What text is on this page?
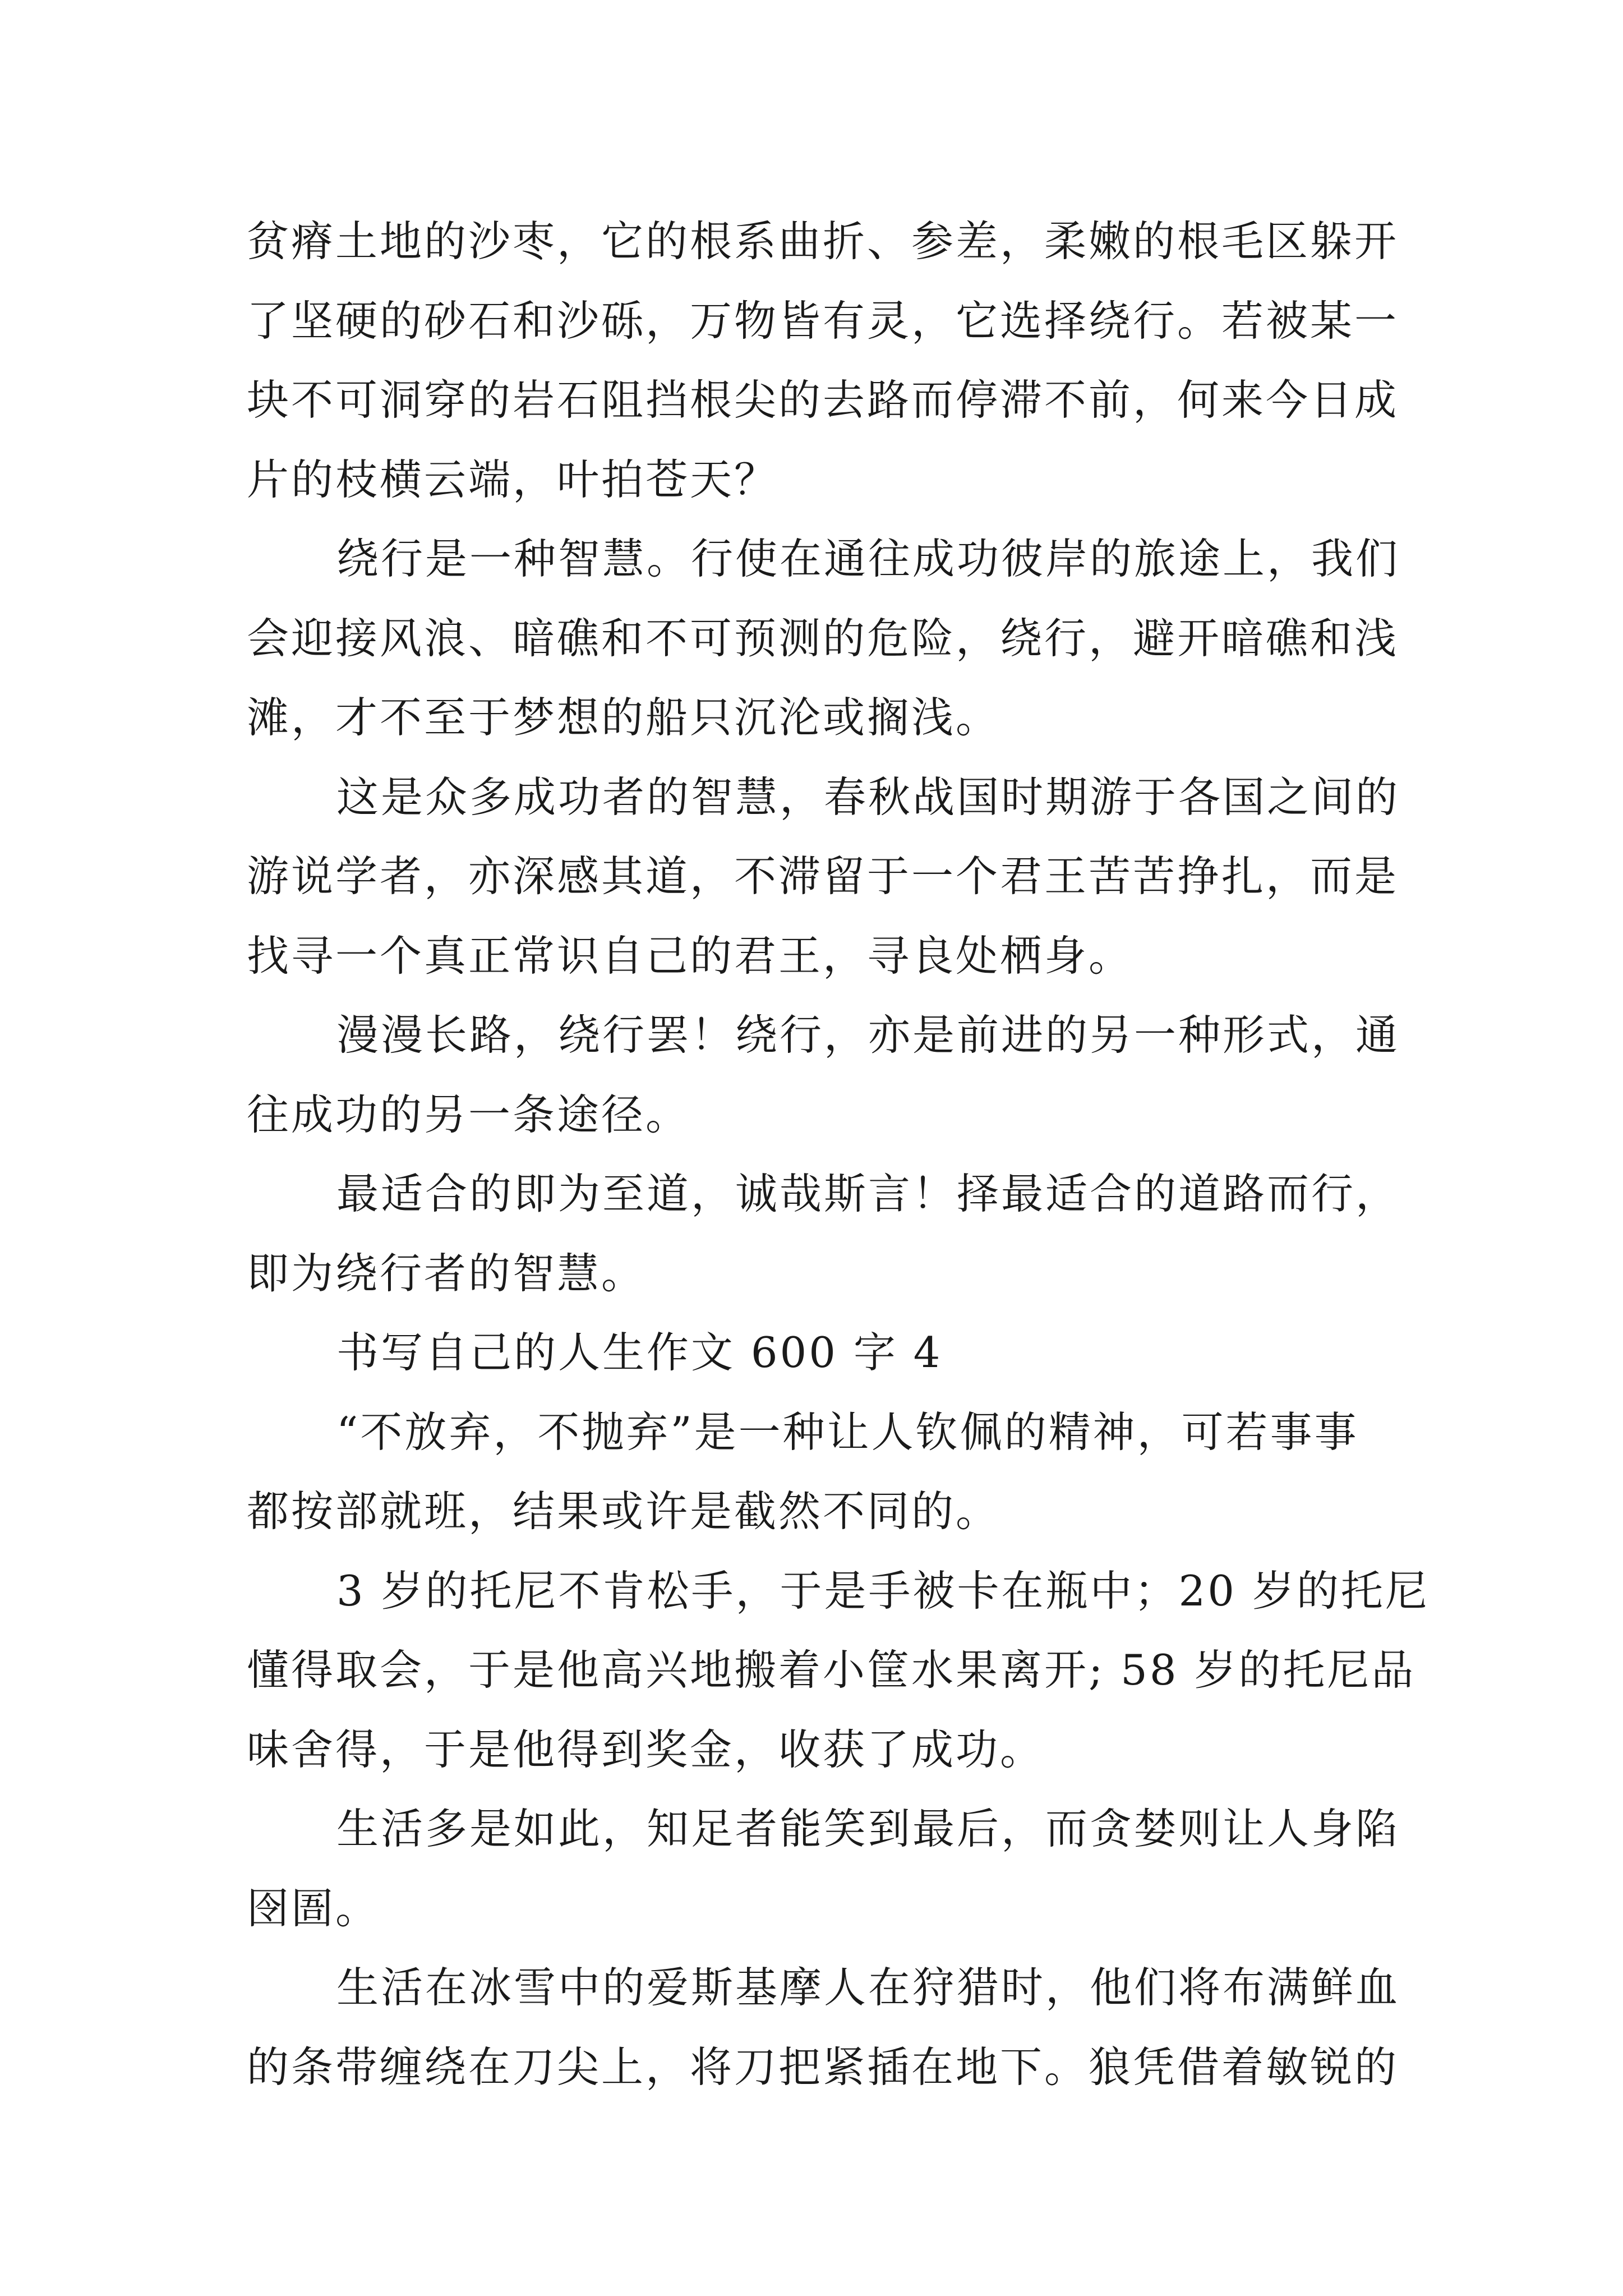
贫瘠土地的沙枣，它的根系曲折、参差，柔嫩的根毛区躲开
了坚硬的砂石和沙砾，万物皆有灵，它选择绕行。若被某一
块不可洞穿的岩石阻挡根尖的去路而停滞不前，何来今日成
片的枝横云端，叶拍苍天？
绕行是一种智慧。行使在通往成功彼岸的旅途上，我们
会迎接风浪、暗礁和不可预测的危险，绕行，避开暗礁和浅
滩，才不至于梦想的船只沉沦或搁浅。
这是众多成功者的智慧，春秋战国时期游于各国之间的
游说学者，亦深感其道，不滞留于一个君王苦苦挣扎，而是
找寻一个真正常识自己的君王，寻良处栖身。
漫漫长路，绕行罢！绕行，亦是前进的另一种形式，通
往成功的另一条途径。
最适合的即为至道，诚哉斯言！择最适合的道路而行，
即为绕行者的智慧。
书写自己的人生作文 600 字 4
“不放弃，不抛弃”是一种让人钦佩的精神，可若事事
都按部就班，结果或许是截然不同的。
3 岁的托尼不肯松手，于是手被卡在瓶中；20 岁的托尼
懂得取会，于是他高兴地搬着小筐水果离开; 58 岁的托尼品
味舍得，于是他得到奖金，收获了成功。
生活多是如此，知足者能笑到最后，而贪婪则让人身陷
囹圄。
生活在冰雪中的爱斯基摩人在狩猎时，他们将布满鲜血
的条带缠绕在刀尖上，将刀把紧插在地下。狼凭借着敏锐的
